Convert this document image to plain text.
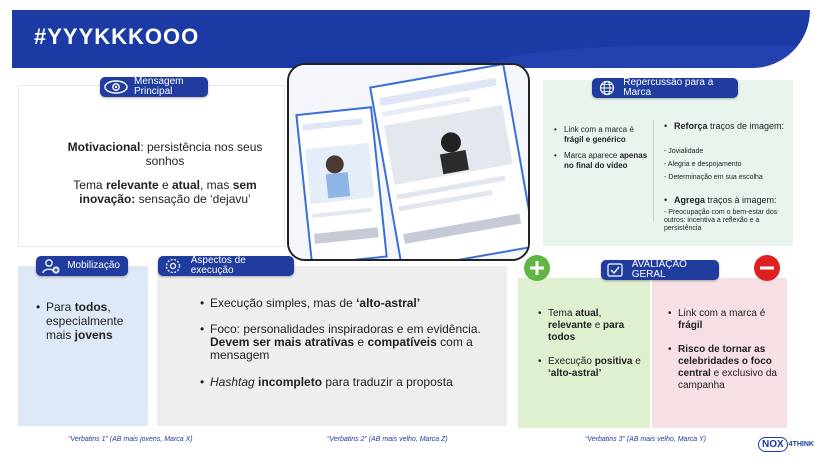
#YYYKKKOOO
Mensagem Principal
Motivacional: persistência nos seus sonhos
Tema relevante e atual, mas sem inovação: sensação de ‘dejavu’
Repercussão para a Marca
• Link com a marca é frágil e genérico
• Marca aparece apenas no final do vídeo
• Reforça traços de imagem:
- Jovialidade
- Alegria e despojamento
- Determinação em sua escolha
• Agrega traços à imagem:
- Preocupação com o bem-estar dos outros: incentiva a reflexão e a persistência
Mobilização
• Para todos, especialmente mais jovens
Aspectos de execução
• Execução simples, mas de ‘alto-astral’
• Foco: personalidades inspiradoras e em evidência. Devem ser mais atrativas e compatíveis com a mensagem
• Hashtag incompleto para traduzir a proposta
AVALIAÇÃO GERAL
• Tema atual, relevante e para todos
• Execução positiva e ‘alto-astral’
• Link com a marca é frágil
• Risco de tornar as celebridades o foco central e exclusivo da campanha
“Verbatins 1” (AB mais jovens, Marca X)	“Verbatins 2” (AB mais velho, Marca Z)	“Verbatins 3” (AB mais velho, Marca Y)	NOX 4THINK
